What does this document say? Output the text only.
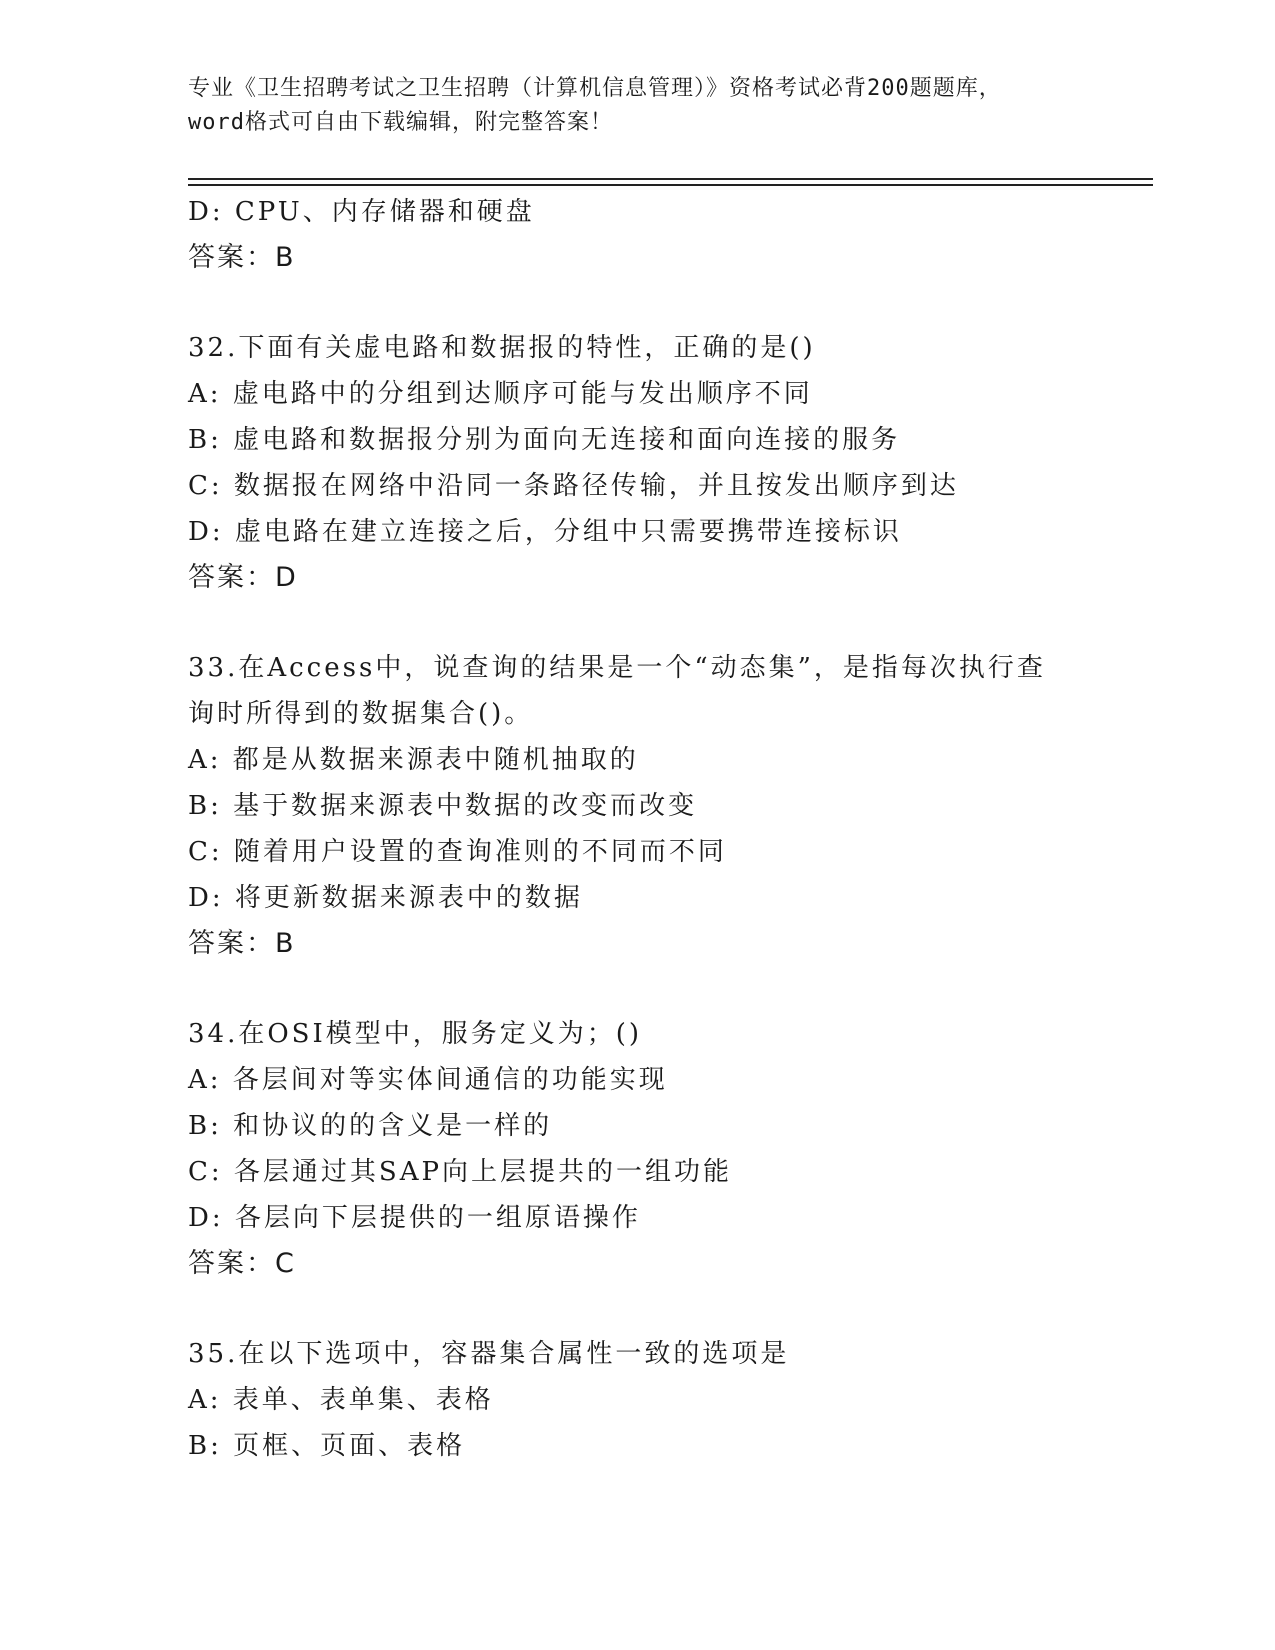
专业《卫生招聘考试之卫生招聘（计算机信息管理）》资格考试必背200题题库，
word格式可自由下载编辑，附完整答案！
D: CPU、内存储器和硬盘
答案：B
32.下面有关虚电路和数据报的特性，正确的是()
A: 虚电路中的分组到达顺序可能与发出顺序不同
B: 虚电路和数据报分别为面向无连接和面向连接的服务
C: 数据报在网络中沿同一条路径传输，并且按发出顺序到达
D: 虚电路在建立连接之后，分组中只需要携带连接标识
答案：D
33.在Access中，说查询的结果是一个“动态集”，是指每次执行查
询时所得到的数据集合()。
A: 都是从数据来源表中随机抽取的
B: 基于数据来源表中数据的改变而改变
C: 随着用户设置的查询准则的不同而不同
D: 将更新数据来源表中的数据
答案：B
34.在OSI模型中，服务定义为；()
A: 各层间对等实体间通信的功能实现
B: 和协议的的含义是一样的
C: 各层通过其SAP向上层提共的一组功能
D: 各层向下层提供的一组原语操作
答案：C
35.在以下选项中，容器集合属性一致的选项是
A: 表单、表单集、表格
B: 页框、页面、表格
